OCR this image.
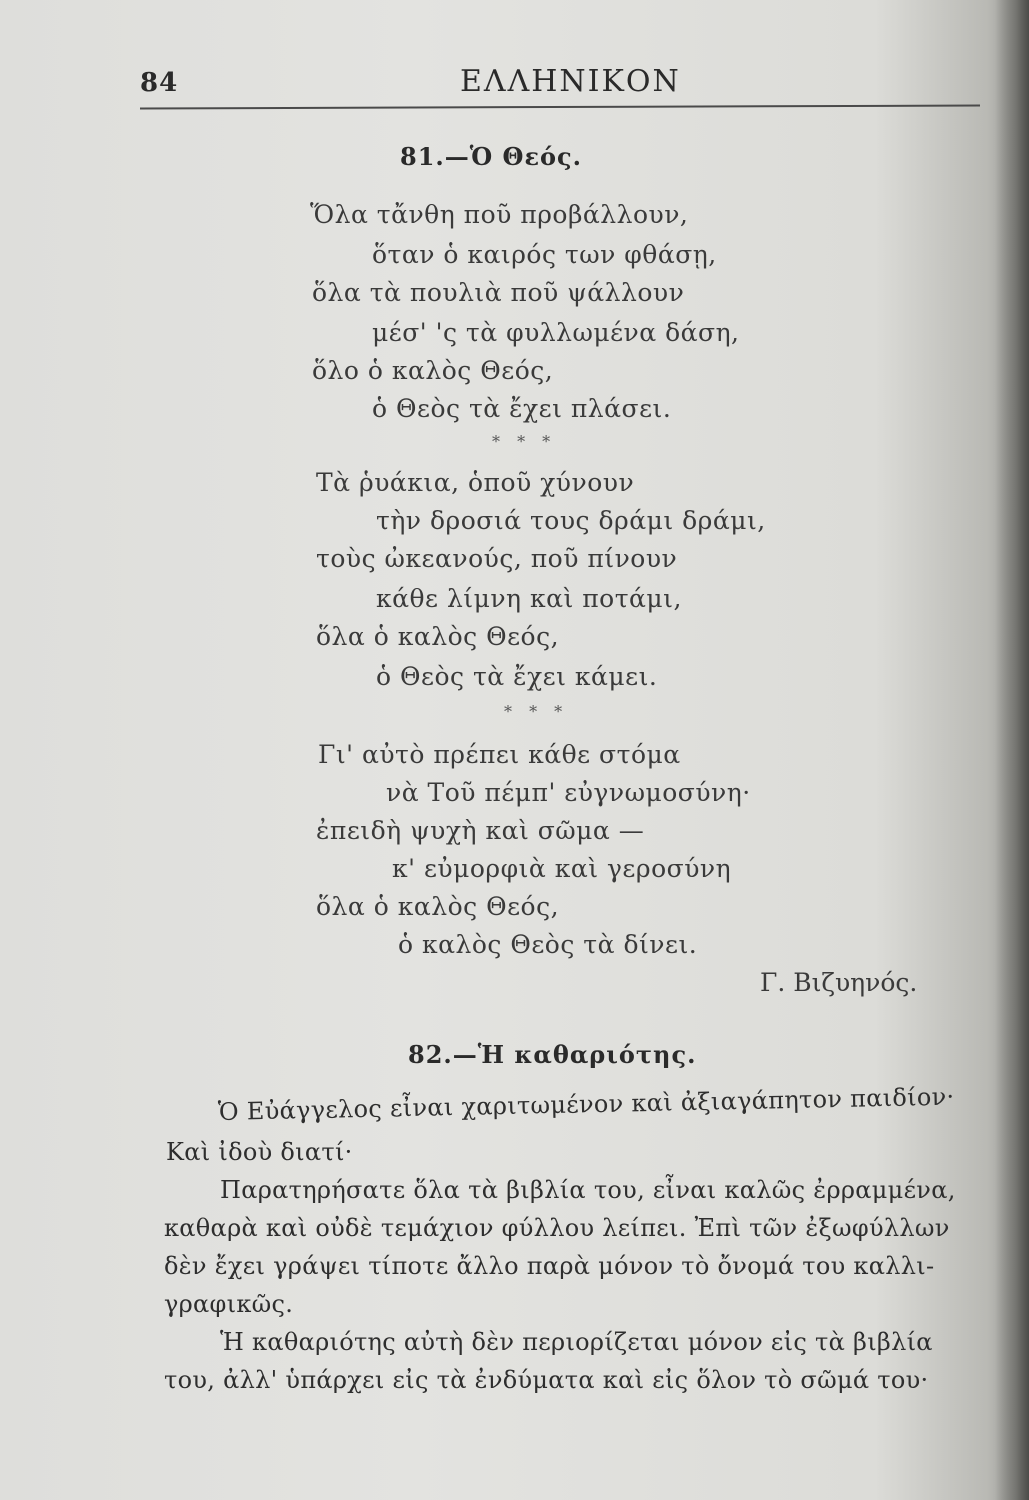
84	ΕΛΛΗΝΙΚΟΝ
81.—Ὁ Θεός.
Ὅλα τἄνθη ποῦ προβάλλουν,
ὅταν ὁ καιρός των φθάσῃ,
ὅλα τὰ πουλιὰ ποῦ ψάλλουν
μέσ' 'ς τὰ φυλλωμένα δάση,
ὅλο ὁ καλὸς Θεός,
ὁ Θεὸς τὰ ἔχει πλάσει.
* * *
Τὰ ῥυάκια, ὁποῦ χύνουν
τὴν δροσιά τους δράμι δράμι,
τοὺς ὠκεανούς, ποῦ πίνουν
κάθε λίμνη καὶ ποτάμι,
ὅλα ὁ καλὸς Θεός,
ὁ Θεὸς τὰ ἔχει κάμει.
* * *
Γι' αὐτὸ πρέπει κάθε στόμα
νὰ Τοῦ πέμπ' εὐγνωμοσύνη·
ἐπειδὴ ψυχὴ καὶ σῶμα —
κ' εὐμορφιὰ καὶ γεροσύνη
ὅλα ὁ καλὸς Θεός,
ὁ καλὸς Θεὸς τὰ δίνει.
Γ. Βιζυηνός.
82.—Ἡ καθαριότης.
Ὁ Εὐάγγελος εἶναι χαριτωμένον καὶ ἀξιαγάπητον παιδίον·
Καὶ ἰδοὺ διατί·
Παρατηρήσατε ὅλα τὰ βιβλία του, εἶναι καλῶς ἐρραμμένα,
καθαρὰ καὶ οὐδὲ τεμάχιον φύλλου λείπει. Ἐπὶ τῶν ἐξωφύλλων
δὲν ἔχει γράψει τίποτε ἄλλο παρὰ μόνον τὸ ὄνομά του καλλι-
γραφικῶς.
Ἡ καθαριότης αὐτὴ δὲν περιορίζεται μόνον εἰς τὰ βιβλία
του, ἀλλ' ὑπάρχει εἰς τὰ ἐνδύματα καὶ εἰς ὅλον τὸ σῶμά του·
